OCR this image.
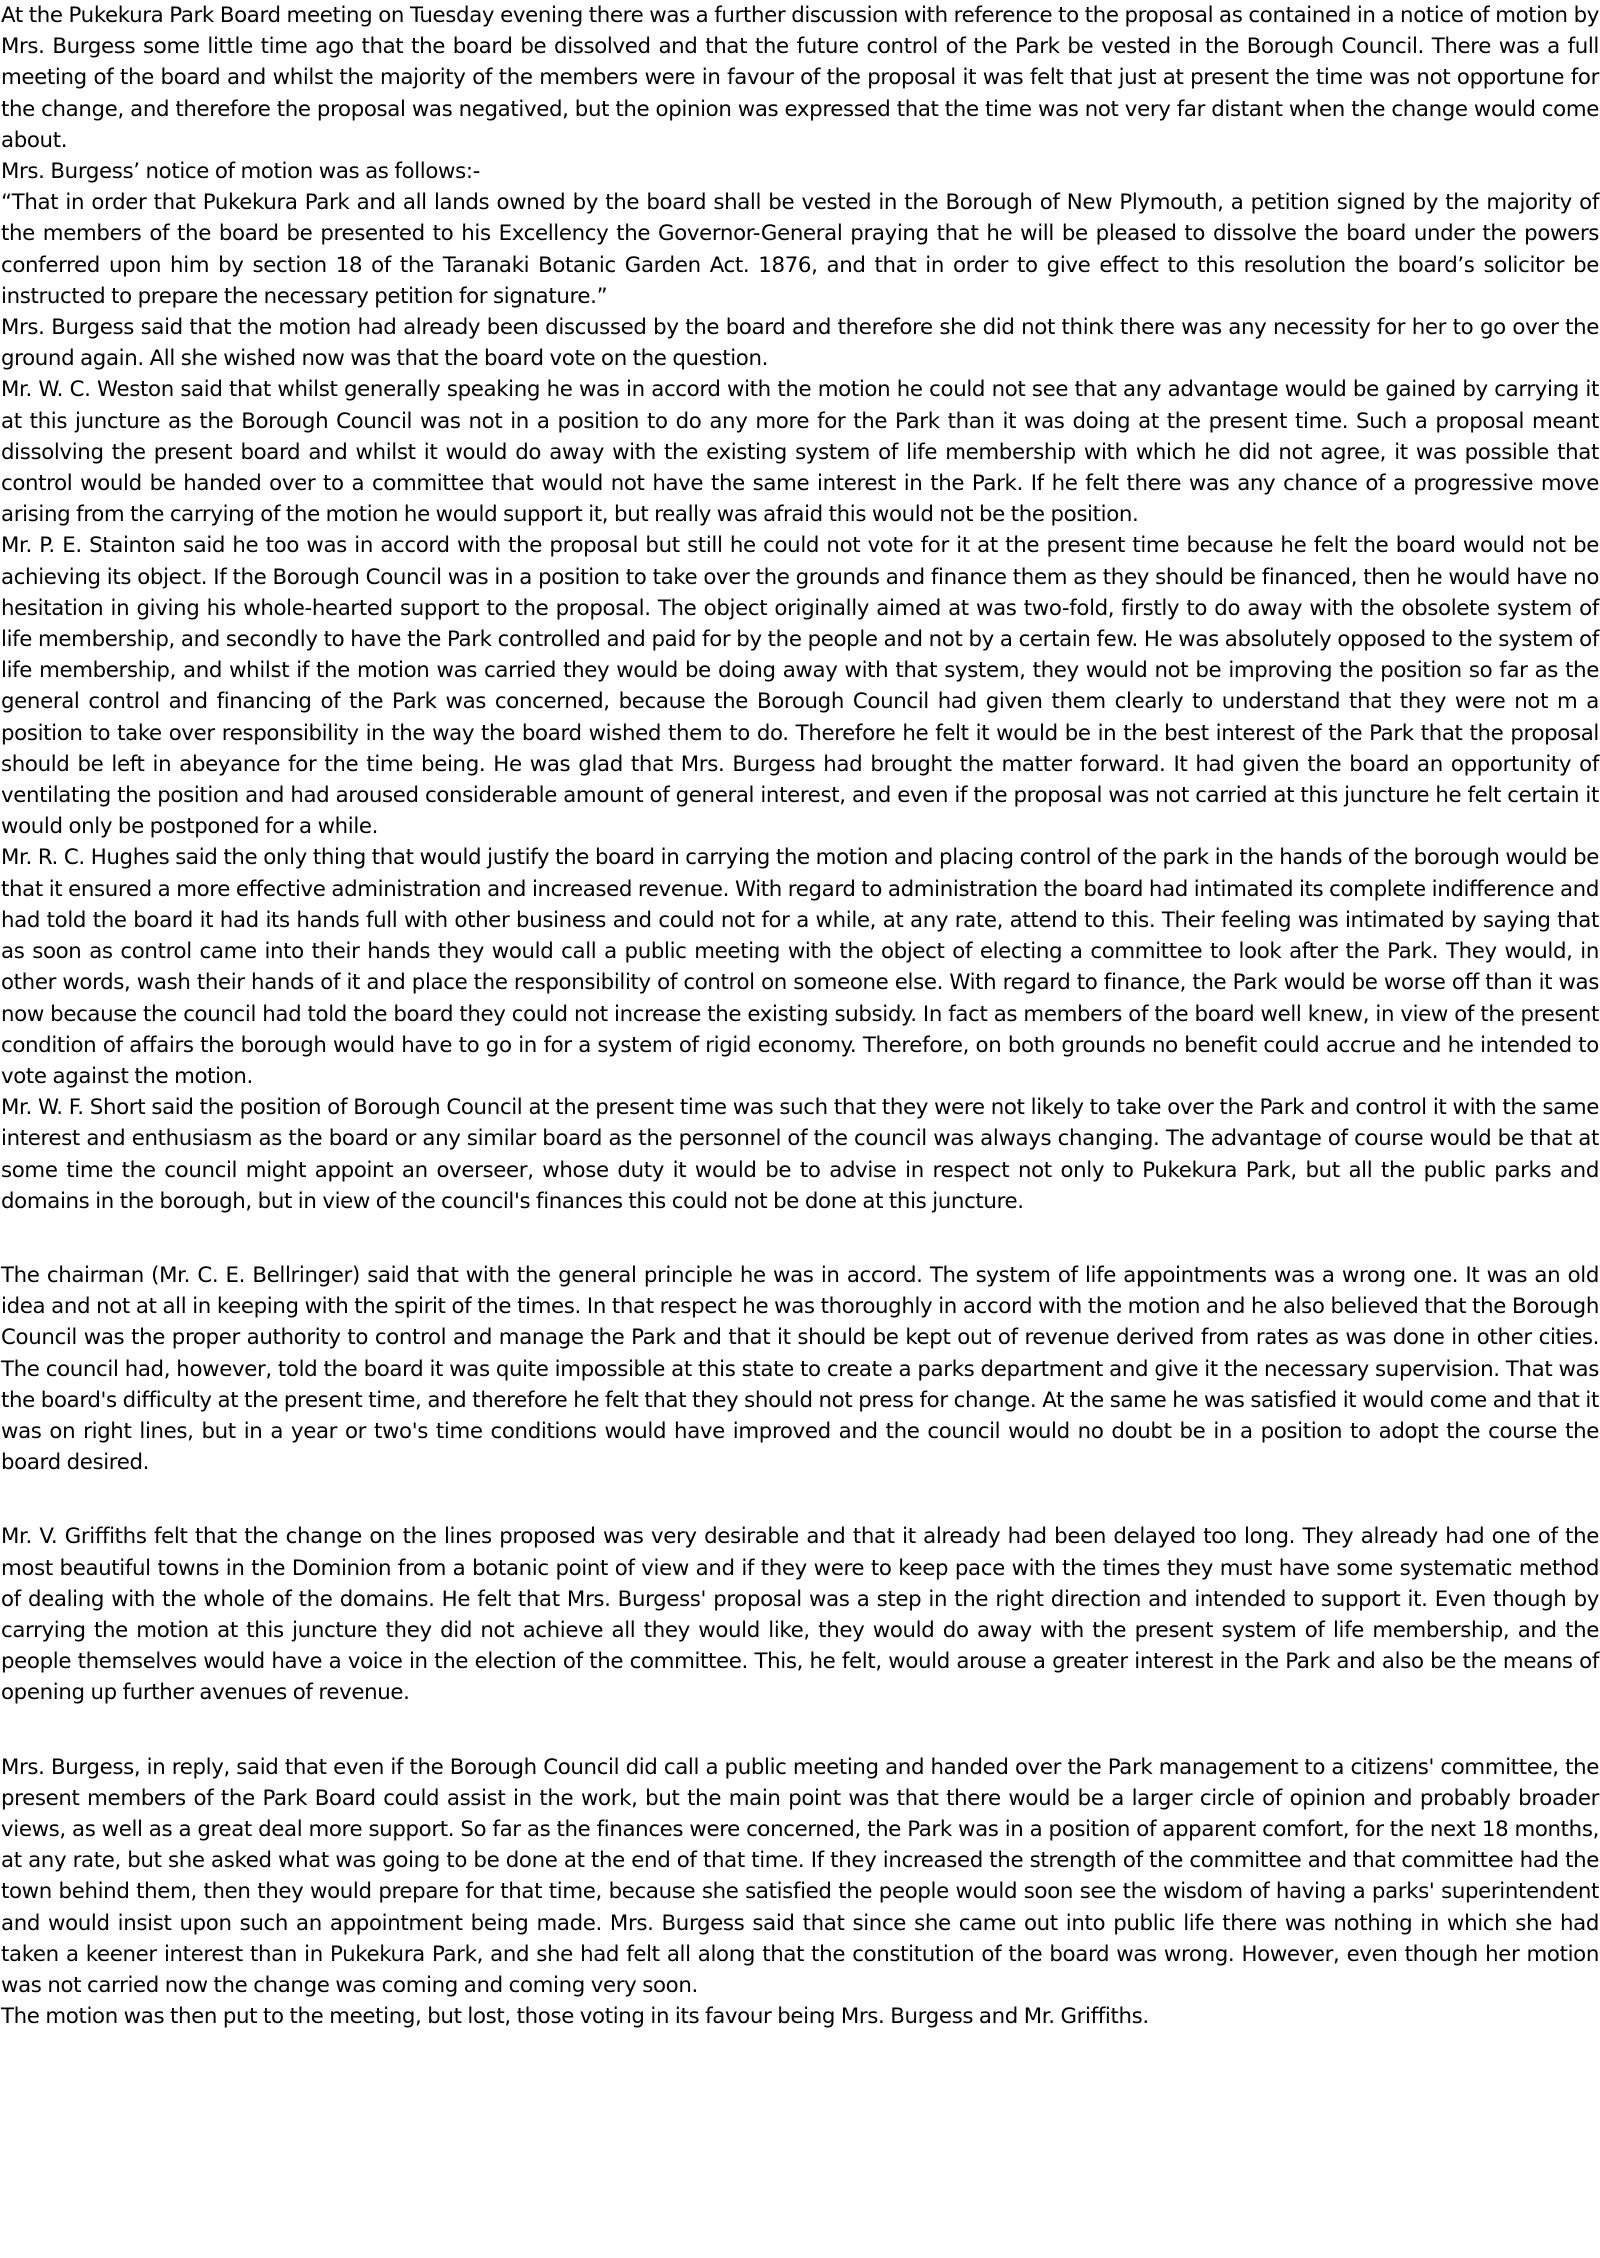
At the Pukekura Park Board meeting on Tuesday evening there was a further discussion with reference to the proposal as contained in a notice of motion by Mrs. Burgess some little time ago that the board be dissolved and that the future control of the Park be vested in the Borough Council. There was a full meeting of the board and whilst the majority of the members were in favour of the proposal it was felt that just at present the time was not opportune for the change, and therefore the proposal was negatived, but the opinion was expressed that the time was not very far distant when the change would come about.

Mrs. Burgess’ notice of motion was as follows:-

“That in order that Pukekura Park and all lands owned by the board shall be vested in the Borough of New Plymouth, a petition signed by the majority of the members of the board be presented to his Excellency the Governor-General praying that he will be pleased to dissolve the board under the powers conferred upon him by section 18 of the Taranaki Botanic Garden Act. 1876, and that in order to give effect to this resolution the board’s solicitor be instructed to prepare the necessary petition for signature.”

Mrs. Burgess said that the motion had already been discussed by the board and therefore she did not think there was any necessity for her to go over the ground again. All she wished now was that the board vote on the question.

Mr. W. C. Weston said that whilst generally speaking he was in accord with the motion he could not see that any advantage would be gained by carrying it at this juncture as the Borough Council was not in a position to do any more for the Park than it was doing at the present time. Such a proposal meant dissolving the present board and whilst it would do away with the existing system of life membership with which he did not agree, it was possible that control would be handed over to a committee that would not have the same interest in the Park. If he felt there was any chance of a progressive move arising from the carrying of the motion he would support it, but really was afraid this would not be the position.

Mr. P. E. Stainton said he too was in accord with the proposal but still he could not vote for it at the present time because he felt the board would not be achieving its object. If the Borough Council was in a position to take over the grounds and finance them as they should be financed, then he would have no hesitation in giving his whole-hearted support to the proposal. The object originally aimed at was two-fold, firstly to do away with the obsolete system of life membership, and secondly to have the Park controlled and paid for by the people and not by a certain few. He was absolutely opposed to the system of life membership, and whilst if the motion was carried they would be doing away with that system, they would not be improving the position so far as the general control and financing of the Park was concerned, because the Borough Council had given them clearly to understand that they were not m a position to take over responsibility in the way the board wished them to do. Therefore he felt it would be in the best interest of the Park that the proposal should be left in abeyance for the time being. He was glad that Mrs. Burgess had brought the matter forward. It had given the board an opportunity of ventilating the position and had aroused considerable amount of general interest, and even if the proposal was not carried at this juncture he felt certain it would only be postponed for a while.

Mr. R. C. Hughes said the only thing that would justify the board in carrying the motion and placing control of the park in the hands of the borough would be that it ensured a more effective administration and increased revenue. With regard to administration the board had intimated its complete indifference and had told the board it had its hands full with other business and could not for a while, at any rate, attend to this. Their feeling was intimated by saying that as soon as control came into their hands they would call a public meeting with the object of electing a committee to look after the Park. They would, in other words, wash their hands of it and place the responsibility of control on someone else. With regard to finance, the Park would be worse off than it was now because the council had told the board they could not increase the existing subsidy. In fact as members of the board well knew, in view of the present condition of affairs the borough would have to go in for a system of rigid economy. Therefore, on both grounds no benefit could accrue and he intended to vote against the motion.

Mr. W. F. Short said the position of Borough Council at the present time was such that they were not likely to take over the Park and control it with the same interest and enthusiasm as the board or any similar board as the personnel of the council was always changing. The advantage of course would be that at some time the council might appoint an overseer, whose duty it would be to advise in respect not only to Pukekura Park, but all the public parks and domains in the borough, but in view of the council's finances this could not be done at this juncture.

The chairman (Mr. C. E. Bellringer) said that with the general principle he was in accord. The system of life appointments was a wrong one. It was an old idea and not at all in keeping with the spirit of the times. In that respect he was thoroughly in accord with the motion and he also believed that the Borough Council was the proper authority to control and manage the Park and that it should be kept out of revenue derived from rates as was done in other cities. The council had, however, told the board it was quite impossible at this state to create a parks department and give it the necessary supervision. That was the board's difficulty at the present time, and therefore he felt that they should not press for change. At the same he was satisfied it would come and that it was on right lines, but in a year or two's time conditions would have improved and the council would no doubt be in a position to adopt the course the board desired.

Mr. V. Griffiths felt that the change on the lines proposed was very desirable and that it already had been delayed too long. They already had one of the most beautiful towns in the Dominion from a botanic point of view and if they were to keep pace with the times they must have some systematic method of dealing with the whole of the domains. He felt that Mrs. Burgess' proposal was a step in the right direction and intended to support it. Even though by carrying the motion at this juncture they did not achieve all they would like, they would do away with the present system of life membership, and the people themselves would have a voice in the election of the committee. This, he felt, would arouse a greater interest in the Park and also be the means of opening up further avenues of revenue.

Mrs. Burgess, in reply, said that even if the Borough Council did call a public meeting and handed over the Park management to a citizens' committee, the present members of the Park Board could assist in the work, but the main point was that there would be a larger circle of opinion and probably broader views, as well as a great deal more support. So far as the finances were concerned, the Park was in a position of apparent comfort, for the next 18 months, at any rate, but she asked what was going to be done at the end of that time. If they increased the strength of the committee and that committee had the town behind them, then they would prepare for that time, because she satisfied the people would soon see the wisdom of having a parks' superintendent and would insist upon such an appointment being made. Mrs. Burgess said that since she came out into public life there was nothing in which she had taken a keener interest than in Pukekura Park, and she had felt all along that the constitution of the board was wrong. However, even though her motion was not carried now the change was coming and coming very soon.

The motion was then put to the meeting, but lost, those voting in its favour being Mrs. Burgess and Mr. Griffiths.
